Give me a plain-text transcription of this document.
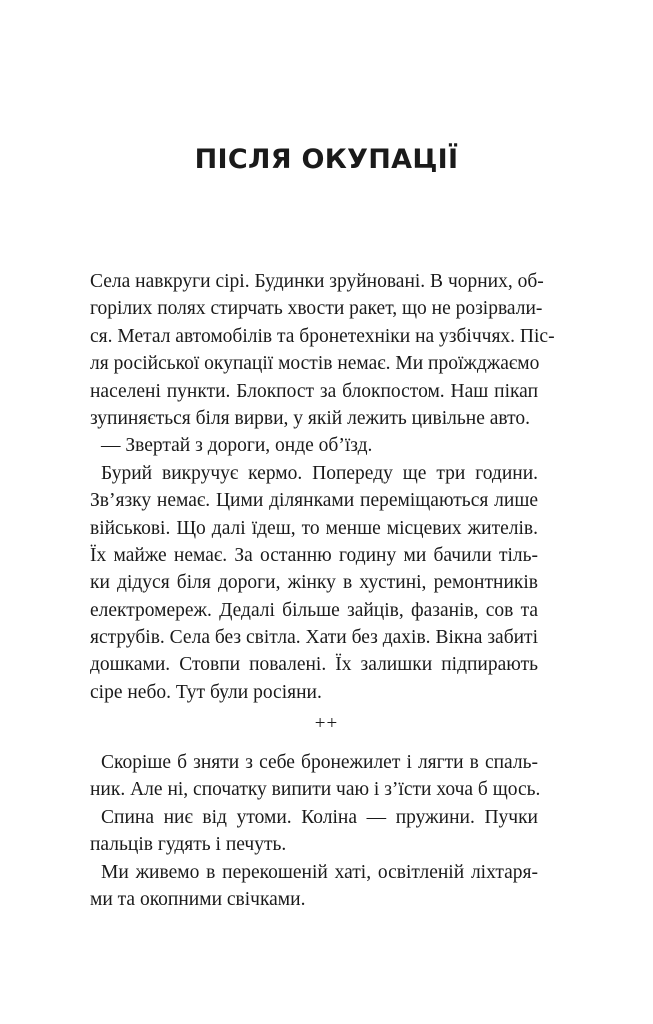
ПІСЛЯ ОКУПАЦІЇ
Села навкруги сірі. Будинки зруйновані. В чорних, об-
горілих полях стирчать хвости ракет, що не розірвали-
ся. Метал автомобілів та бронетехніки на узбіччях. Піс-
ля російської окупації мостів немає. Ми проїжджаємо
населені пункти. Блокпост за блокпостом. Наш пікап
зупиняється біля вирви, у якій лежить цивільне авто.
— Звертай з дороги, онде об’їзд.
Бурий викручує кермо. Попереду ще три години.
Зв’язку немає. Цими ділянками переміщаються лише
військові. Що далі їдеш, то менше місцевих жителів.
Їх майже немає. За останню годину ми бачили тіль-
ки дідуся біля дороги, жінку в хустині, ремонтників
електромереж. Дедалі більше зайців, фазанів, сов та
яструбів. Села без світла. Хати без дахів. Вікна забиті
дошками. Стовпи повалені. Їх залишки підпирають
сіре небо. Тут були росіяни.
++
Скоріше б зняти з себе бронежилет і лягти в спаль-
ник. Але ні, спочатку випити чаю і з’їсти хоча б щось.
Спина ниє від утоми. Коліна — пружини. Пучки
пальців гудять і печуть.
Ми живемо в перекошеній хаті, освітленій ліхтаря-
ми та окопними свічками.
